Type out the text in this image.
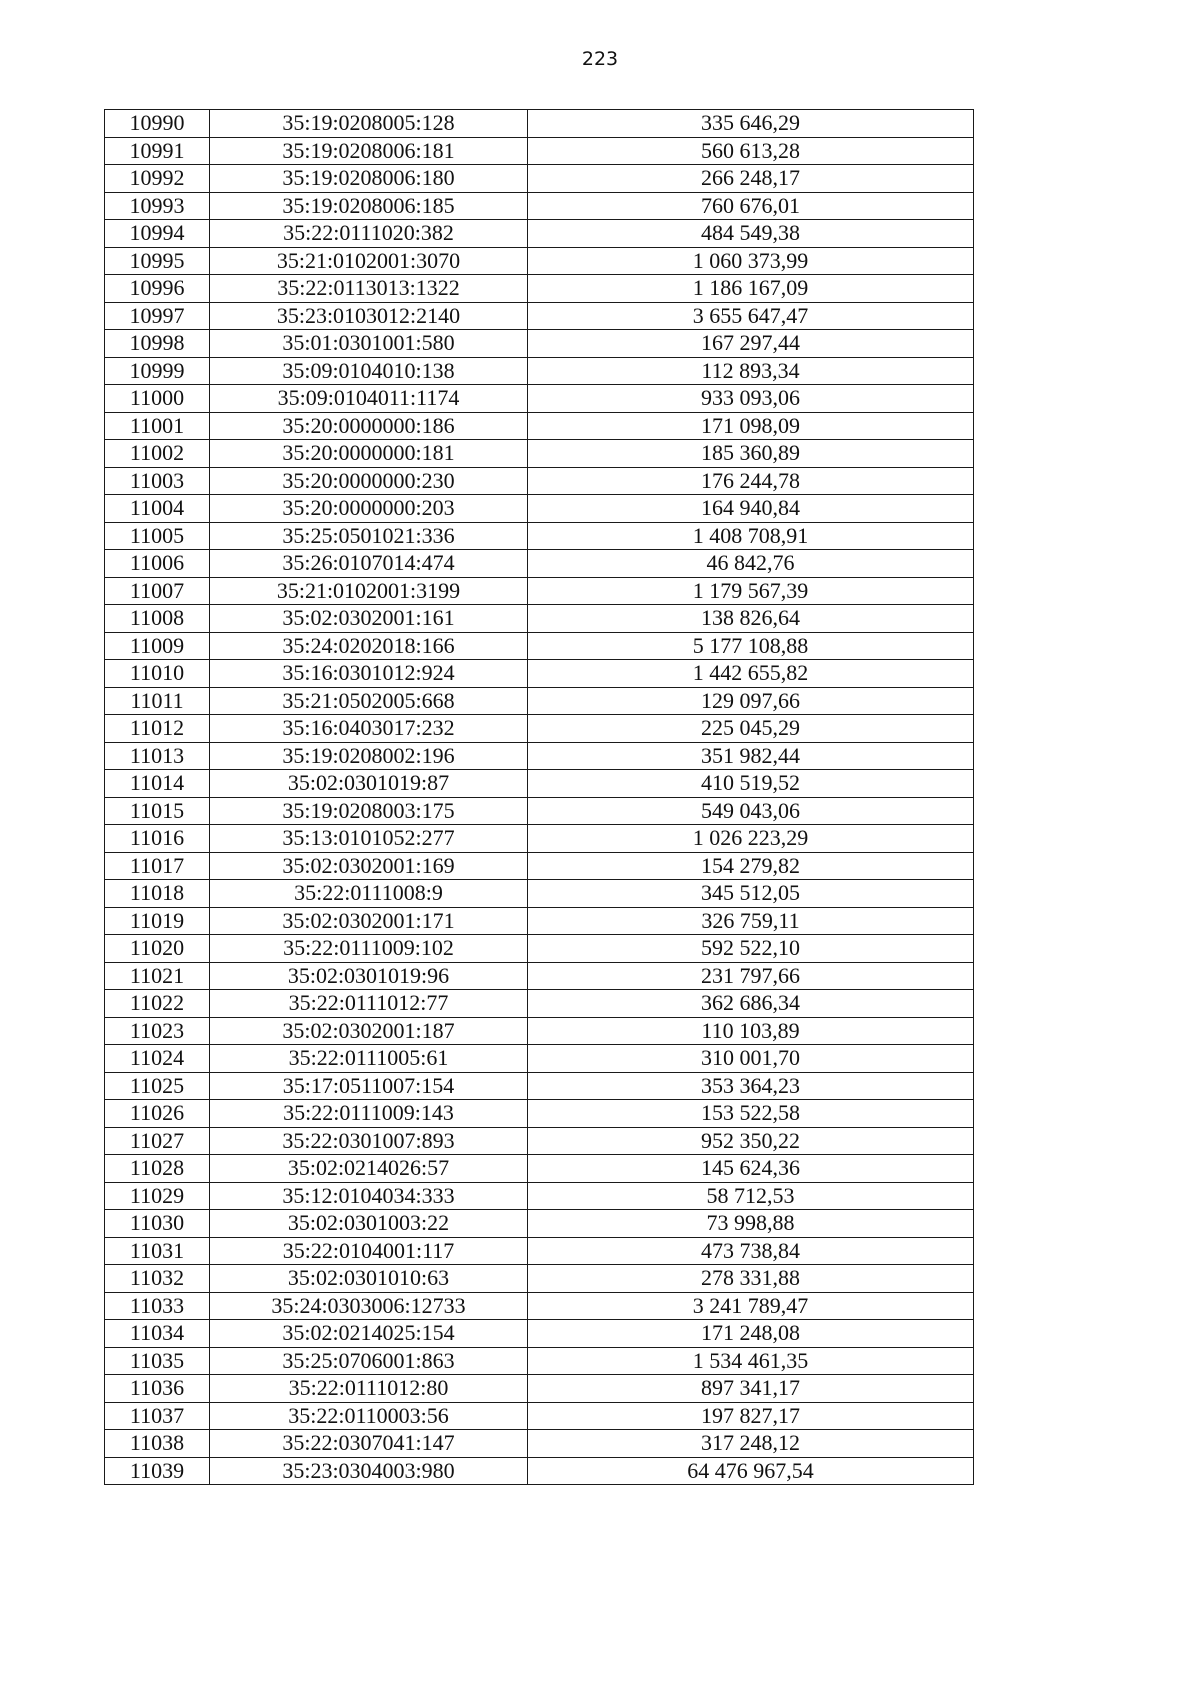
223
10990	35:19:0208005:128	335 646,29
10991	35:19:0208006:181	560 613,28
10992	35:19:0208006:180	266 248,17
10993	35:19:0208006:185	760 676,01
10994	35:22:0111020:382	484 549,38
10995	35:21:0102001:3070	1 060 373,99
10996	35:22:0113013:1322	1 186 167,09
10997	35:23:0103012:2140	3 655 647,47
10998	35:01:0301001:580	167 297,44
10999	35:09:0104010:138	112 893,34
11000	35:09:0104011:1174	933 093,06
11001	35:20:0000000:186	171 098,09
11002	35:20:0000000:181	185 360,89
11003	35:20:0000000:230	176 244,78
11004	35:20:0000000:203	164 940,84
11005	35:25:0501021:336	1 408 708,91
11006	35:26:0107014:474	46 842,76
11007	35:21:0102001:3199	1 179 567,39
11008	35:02:0302001:161	138 826,64
11009	35:24:0202018:166	5 177 108,88
11010	35:16:0301012:924	1 442 655,82
11011	35:21:0502005:668	129 097,66
11012	35:16:0403017:232	225 045,29
11013	35:19:0208002:196	351 982,44
11014	35:02:0301019:87	410 519,52
11015	35:19:0208003:175	549 043,06
11016	35:13:0101052:277	1 026 223,29
11017	35:02:0302001:169	154 279,82
11018	35:22:0111008:9	345 512,05
11019	35:02:0302001:171	326 759,11
11020	35:22:0111009:102	592 522,10
11021	35:02:0301019:96	231 797,66
11022	35:22:0111012:77	362 686,34
11023	35:02:0302001:187	110 103,89
11024	35:22:0111005:61	310 001,70
11025	35:17:0511007:154	353 364,23
11026	35:22:0111009:143	153 522,58
11027	35:22:0301007:893	952 350,22
11028	35:02:0214026:57	145 624,36
11029	35:12:0104034:333	58 712,53
11030	35:02:0301003:22	73 998,88
11031	35:22:0104001:117	473 738,84
11032	35:02:0301010:63	278 331,88
11033	35:24:0303006:12733	3 241 789,47
11034	35:02:0214025:154	171 248,08
11035	35:25:0706001:863	1 534 461,35
11036	35:22:0111012:80	897 341,17
11037	35:22:0110003:56	197 827,17
11038	35:22:0307041:147	317 248,12
11039	35:23:0304003:980	64 476 967,54
